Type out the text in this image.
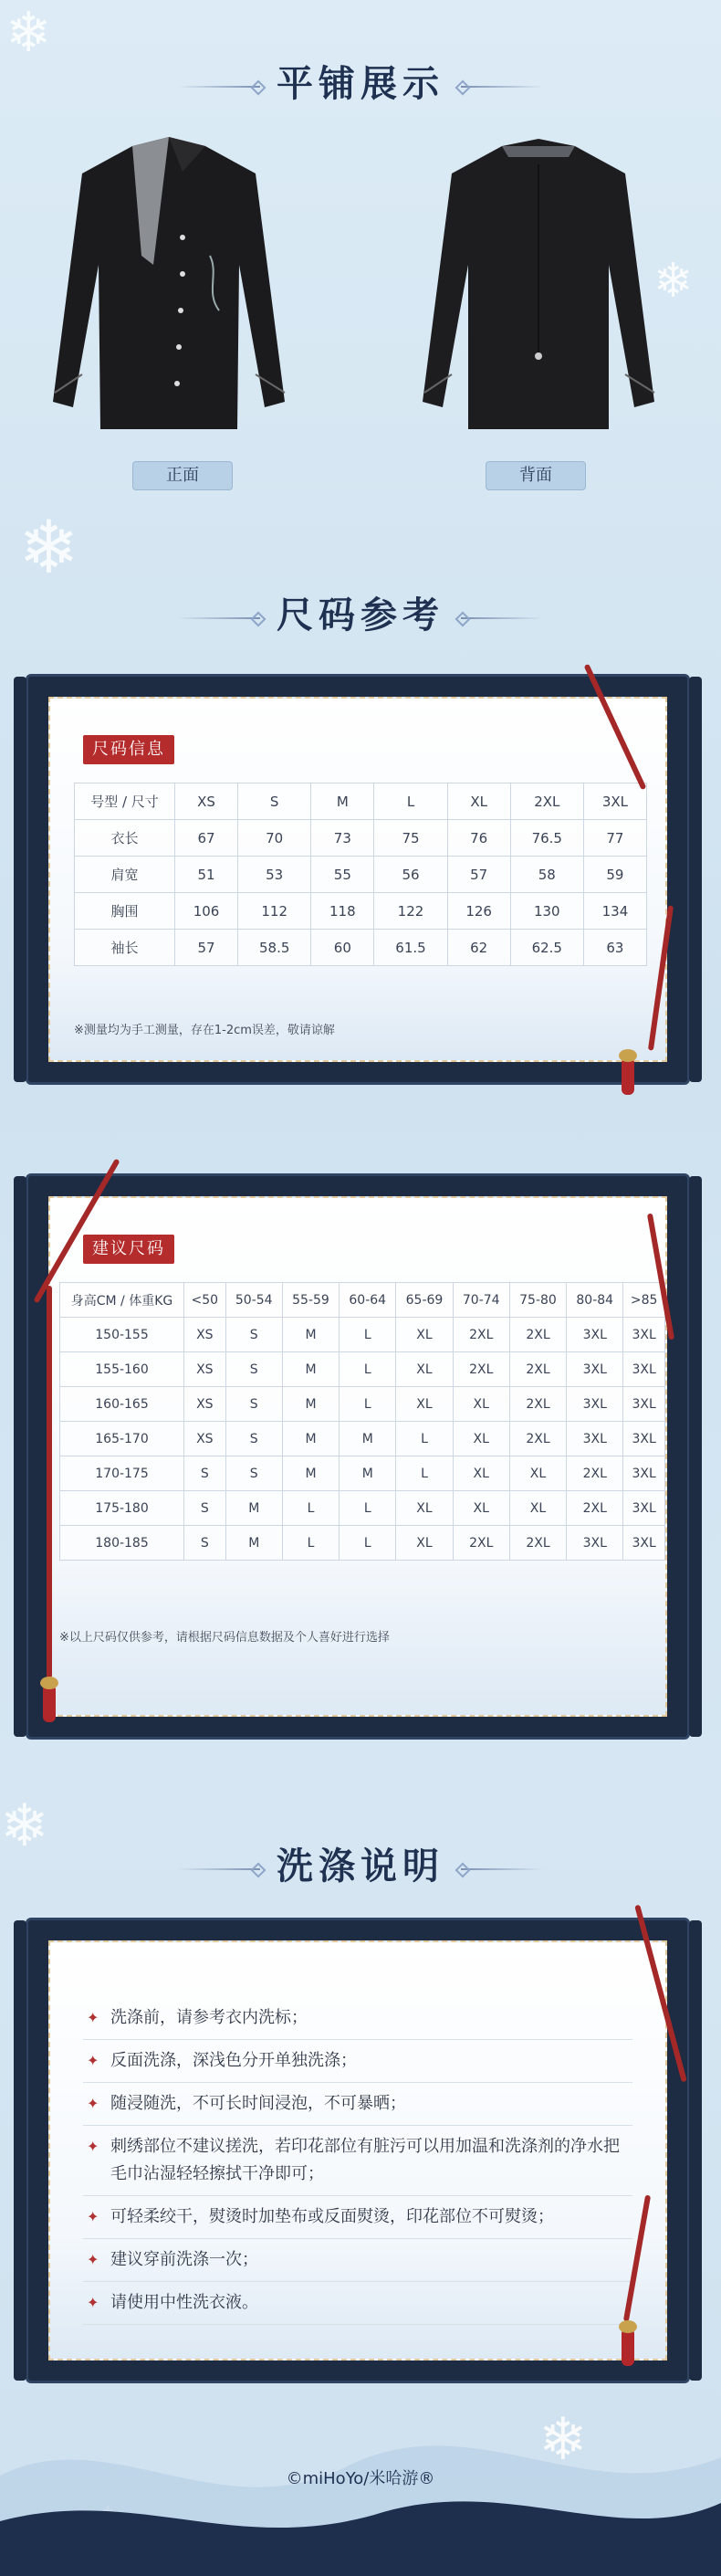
❄
❄
❄
❄
❄
平铺展示
正面	背面
尺码参考
尺码信息
号型 / 尺寸	XS	S	M	L	XL	2XL	3XL
衣长	67	70	73	75	76	76.5	77
肩宽	51	53	55	56	57	58	59
胸围	106	112	118	122	126	130	134
袖长	57	58.5	60	61.5	62	62.5	63
※测量均为手工测量，存在1-2cm误差，敬请谅解
建议尺码
身高CM / 体重KG	<50	50-54	55-59	60-64	65-69	70-74	75-80	80-84	>85
150-155	XS	S	M	L	XL	2XL	2XL	3XL	3XL
155-160	XS	S	M	L	XL	2XL	2XL	3XL	3XL
160-165	XS	S	M	L	XL	XL	2XL	3XL	3XL
165-170	XS	S	M	M	L	XL	2XL	3XL	3XL
170-175	S	S	M	M	L	XL	XL	2XL	3XL
175-180	S	M	L	L	XL	XL	XL	2XL	3XL
180-185	S	M	L	L	XL	2XL	2XL	3XL	3XL
※以上尺码仅供参考，请根据尺码信息数据及个人喜好进行选择
洗涤说明
✦ 洗涤前，请参考衣内洗标；
✦ 反面洗涤，深浅色分开单独洗涤；
✦ 随浸随洗，不可长时间浸泡，不可暴晒；
✦ 刺绣部位不建议搓洗，若印花部位有脏污可以用加温和洗涤剂的净水把毛巾沾湿轻轻擦拭干净即可；
✦ 可轻柔绞干，熨烫时加垫布或反面熨烫，印花部位不可熨烫；
✦ 建议穿前洗涤一次；
✦ 请使用中性洗衣液。
©miHoYo/米哈游®
